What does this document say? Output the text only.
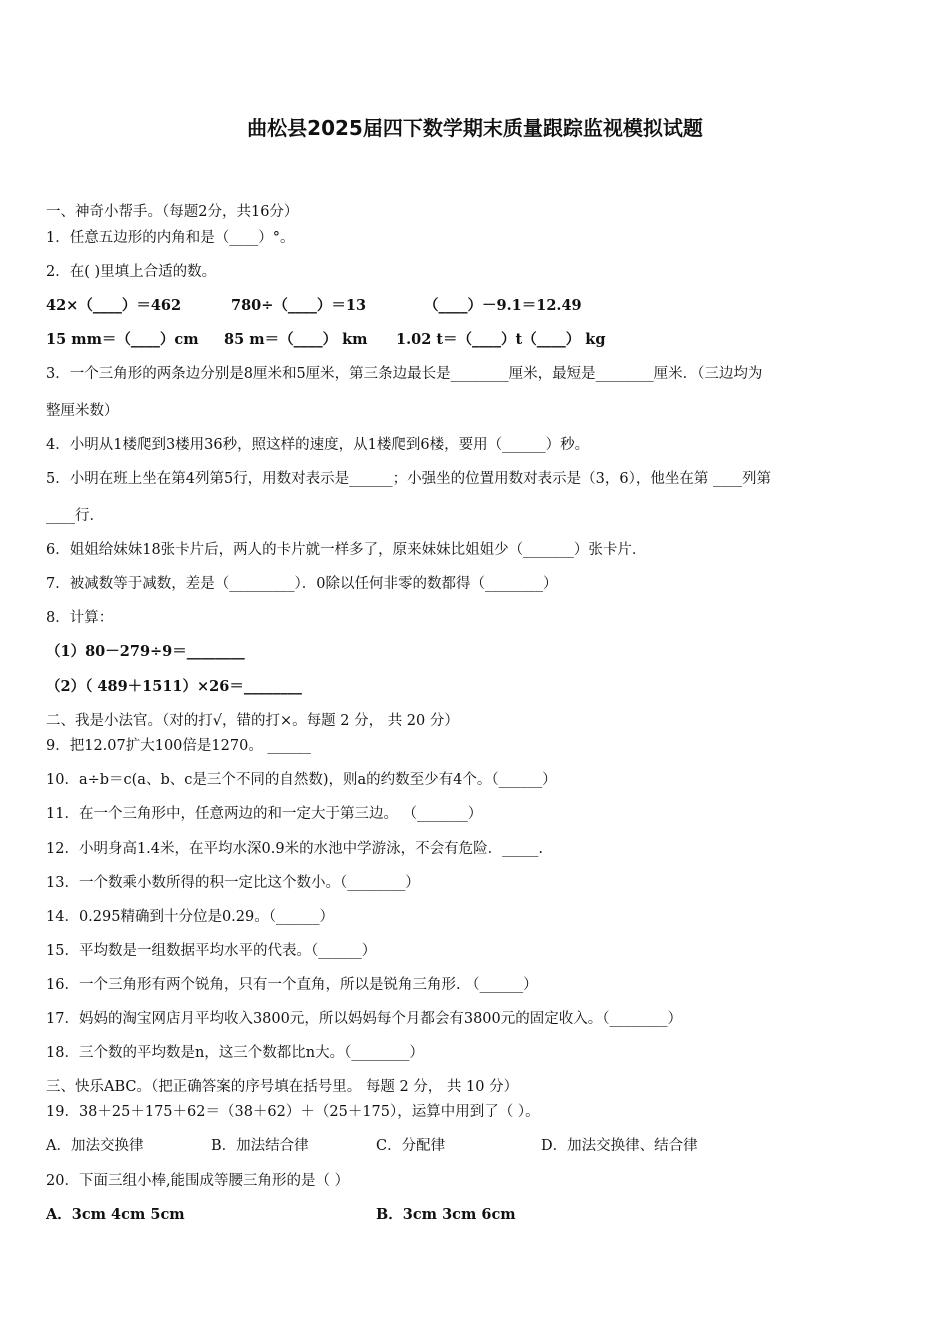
曲松县2025届四下数学期末质量跟踪监视模拟试题
一、神奇小帮手。（每题2分，共16分）
1．任意五边形的内角和是（____）°。
2．在( )里填上合适的数。
42×（____）＝462	780÷（____）＝13	（____）－9.1＝12.49
15 mm＝（____）cm 85 m＝（____） km 1.02 t＝（____）t（____） kg
3．一个三角形的两条边分别是8厘米和5厘米，第三条边最长是________厘米，最短是________厘米．（三边均为
整厘米数）
4．小明从1楼爬到3楼用36秒，照这样的速度，从1楼爬到6楼，要用（______）秒。
5．小明在班上坐在第4列第5行，用数对表示是______；小强坐的位置用数对表示是（3，6），他坐在第 ____列第
____行．
6．姐姐给妹妹18张卡片后，两人的卡片就一样多了，原来妹妹比姐姐少（_______）张卡片．
7．被减数等于减数，差是（_________）．0除以任何非零的数都得（________）
8．计算：
（1）80－279÷9＝________
（2）（ 489＋1511）×26＝________
二、我是小法官。（对的打√，错的打×。每题 2 分， 共 20 分）
9．把12.07扩大100倍是1270。 ______
10．a÷b＝c(a、b、c是三个不同的自然数)，则a的约数至少有4个。（______）
11．在一个三角形中，任意两边的和一定大于第三边。 （_______）
12．小明身高1.4米，在平均水深0.9米的水池中学游泳，不会有危险．_____.
13．一个数乘小数所得的积一定比这个数小。（________）
14．0.295精确到十分位是0.29。（______）
15．平均数是一组数据平均水平的代表。（______）
16．一个三角形有两个锐角，只有一个直角，所以是锐角三角形. （______）
17．妈妈的淘宝网店月平均收入3800元，所以妈妈每个月都会有3800元的固定收入。（________）
18．三个数的平均数是n，这三个数都比n大。（________）
三、快乐ABC。（把正确答案的序号填在括号里。 每题 2 分， 共 10 分）
19．38＋25＋175＋62＝（38＋62）＋（25＋175），运算中用到了（ ）。
A．加法交换律	B．加法结合律	C．分配律	D．加法交换律、结合律
20．下面三组小棒,能围成等腰三角形的是（ ）
A．3cm 4cm 5cm	B．3cm 3cm 6cm
